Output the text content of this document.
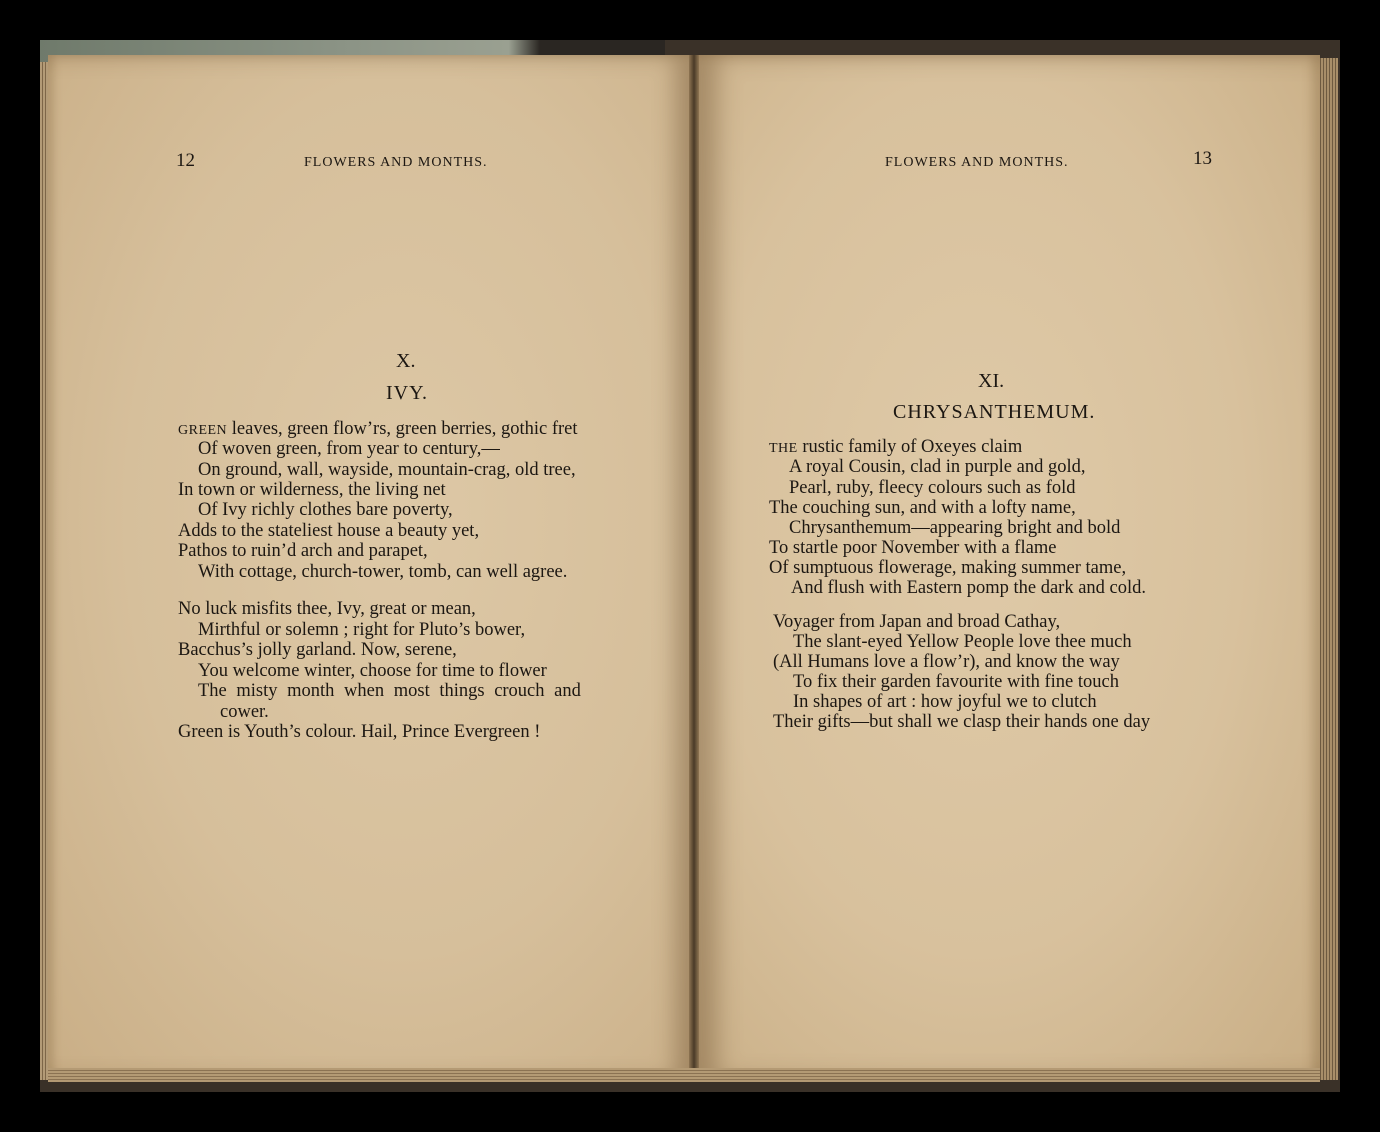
12	FLOWERS AND MONTHS.
X.
IVY.
GREEN leaves, green flow’rs, green berries, gothic fret
Of woven green, from year to century,—
On ground, wall, wayside, mountain-crag, old tree,
In town or wilderness, the living net
Of Ivy richly clothes bare poverty,
Adds to the stateliest house a beauty yet,
Pathos to ruin’d arch and parapet,
With cottage, church-tower, tomb, can well agree.
No luck misfits thee, Ivy, great or mean,
Mirthful or solemn ; right for Pluto’s bower,
Bacchus’s jolly garland. Now, serene,
You welcome winter, choose for time to flower
The misty month when most things crouch and
cower.
Green is Youth’s colour. Hail, Prince Evergreen !
FLOWERS AND MONTHS.	13
XI.
CHRYSANTHEMUM.
THE rustic family of Oxeyes claim
A royal Cousin, clad in purple and gold,
Pearl, ruby, fleecy colours such as fold
The couching sun, and with a lofty name,
Chrysanthemum—appearing bright and bold
To startle poor November with a flame
Of sumptuous flowerage, making summer tame,
And flush with Eastern pomp the dark and cold.
Voyager from Japan and broad Cathay,
The slant-eyed Yellow People love thee much
(All Humans love a flow’r), and know the way
To fix their garden favourite with fine touch
In shapes of art : how joyful we to clutch
Their gifts—but shall we clasp their hands one day
